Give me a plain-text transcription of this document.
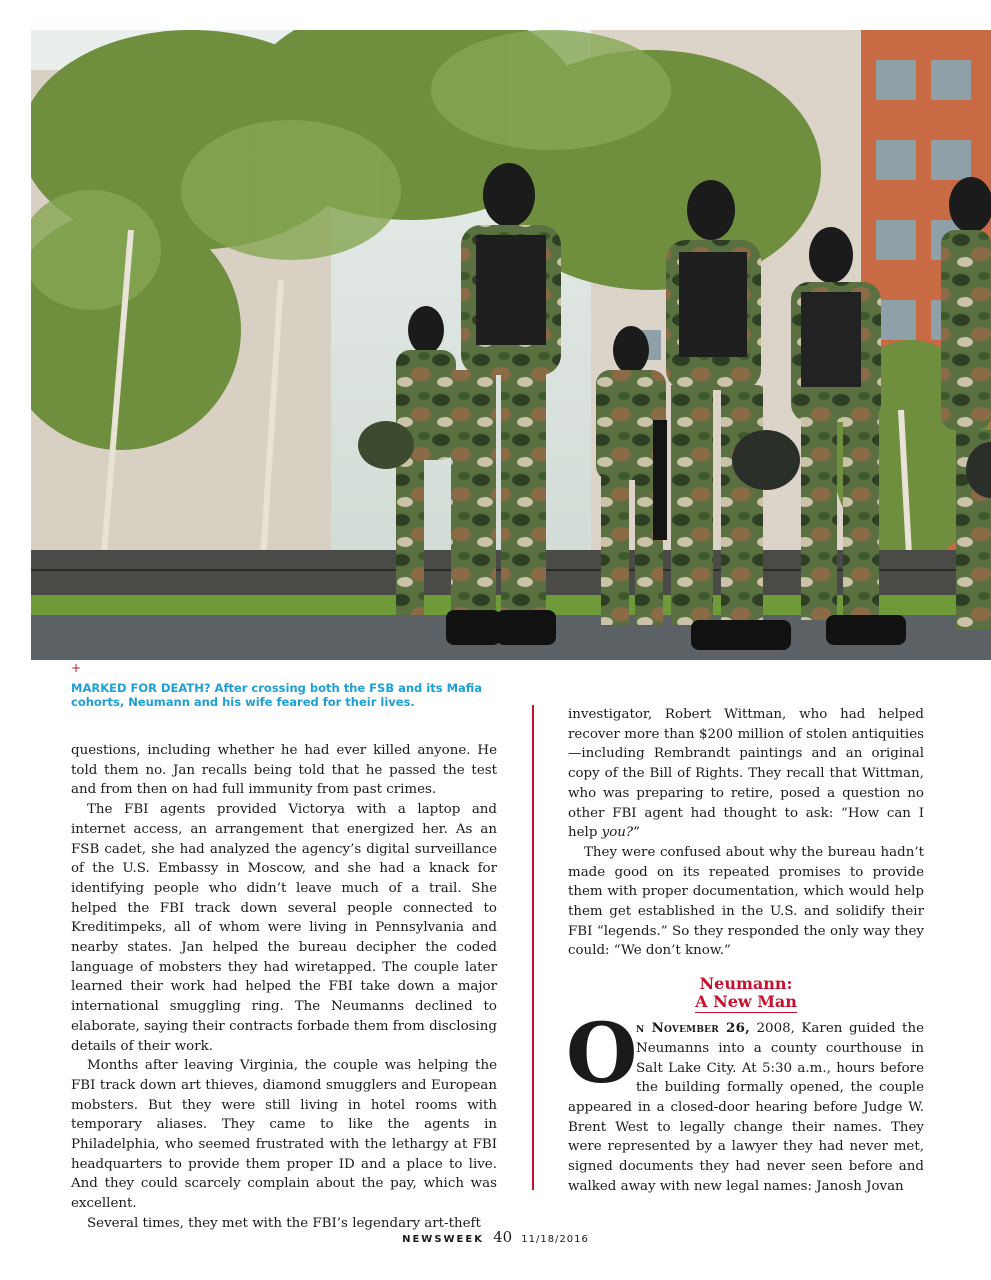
+
MARKED FOR DEATH? After crossing both the FSB and its Mafia cohorts, Neumann and his wife feared for their lives.

questions, including whether he had ever killed anyone. He told them no. Jan recalls being told that he passed the test and from then on had full immunity from past crimes.

The FBI agents provided Victorya with a laptop and internet access, an arrangement that energized her. As an FSB cadet, she had analyzed the agency’s digital surveillance of the U.S. Embassy in Moscow, and she had a knack for identifying people who didn’t leave much of a trail. She helped the FBI track down several people connected to Kreditimpeks, all of whom were living in Pennsylvania and nearby states. Jan helped the bureau decipher the coded language of mobsters they had wiretapped. The couple later learned their work had helped the FBI take down a major international smuggling ring. The Neumanns declined to elaborate, saying their contracts forbade them from disclosing details of their work.

Months after leaving Virginia, the couple was helping the FBI track down art thieves, diamond smugglers and European mobsters. But they were still living in hotel rooms with temporary aliases. They came to like the agents in Philadelphia, who seemed frustrated with the lethargy at FBI headquarters to provide them proper ID and a place to live. And they could scarcely complain about the pay, which was excellent.

Several times, they met with the FBI’s legendary art-theft

investigator, Robert Wittman, who had helped recover more than $200 million of stolen antiquities—including Rembrandt paintings and an original copy of the Bill of Rights. They recall that Wittman, who was preparing to retire, posed a question no other FBI agent had thought to ask: “How can I help you?”

They were confused about why the bureau hadn’t made good on its repeated promises to provide them with proper documentation, which would help them get established in the U.S. and solidify their FBI “legends.” So they responded the only way they could: “We don’t know.”

Neumann:
A New Man

O
n November 26, 2008, Karen guided the Neumanns into a county courthouse in Salt Lake City. At 5:30 a.m., hours before the building formally opened, the couple appeared in a closed-door hearing before Judge W. Brent West to legally change their names. They were represented by a lawyer they had never met, signed documents they had never seen before and walked away with new legal names: Janosh Jovan

NEWSWEEK 40 11/18/2016
